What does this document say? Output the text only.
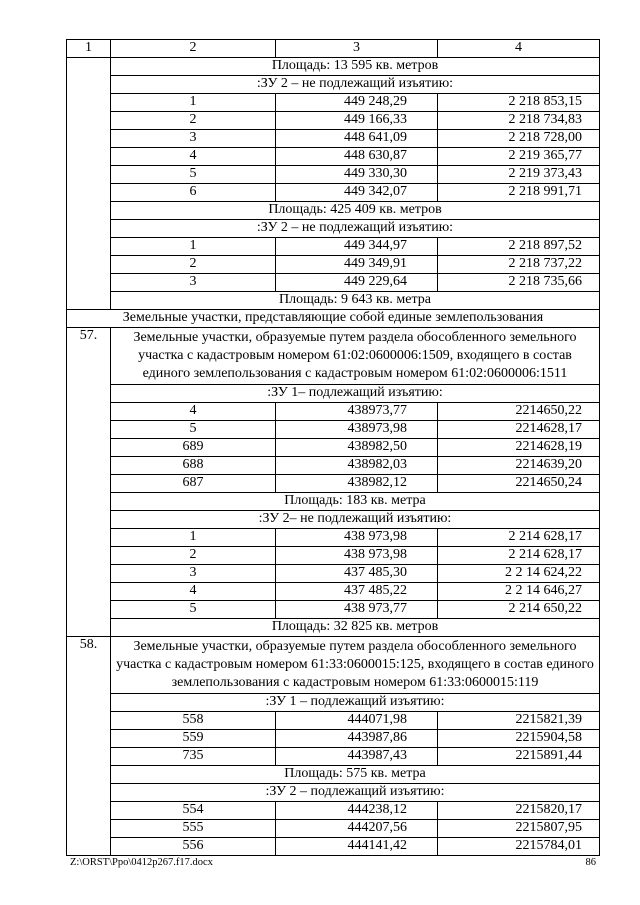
1	2	3	4
	Площадь: 13 595 кв. метров		
	:ЗУ 2 – не подлежащий изъятию:		
	1	449 248,29	2 218 853,15

	2	449 166,33	2 218 734,83

	3	448 641,09	2 218 728,00

	4	448 630,87	2 219 365,77

	5	449 330,30	2 219 373,43

	6	449 342,07	2 218 991,71

	Площадь: 425 409 кв. метров		
	:ЗУ 2 – не подлежащий изъятию:		
	1	449 344,97	2 218 897,52

	2	449 349,91	2 218 737,22

	3	449 229,64	2 218 735,66

	Площадь: 9 643 кв. метра		
Земельные участки, представляющие собой единые землепользования			
57.	Земельные участки, образуемые путем раздела обособленного земельного участка с кадастровым номером 61:02:0600006:1509, входящего в состав единого землепользования с кадастровым номером 61:02:0600006:1511		
	:ЗУ 1– подлежащий изъятию:		
	4	438973,77	2214650,22

	5	438973,98	2214628,17

	689	438982,50	2214628,19

	688	438982,03	2214639,20

	687	438982,12	2214650,24

	Площадь: 183 кв. метра		
	:ЗУ 2– не подлежащий изъятию:		
	1	438 973,98	2 214 628,17

	2	438 973,98	2 214 628,17

	3	437 485,30	2 2 14 624,22

	4	437 485,22	2 2 14 646,27

	5	438 973,77	2 214 650,22

	Площадь: 32 825 кв. метров		
58.	Земельные участки, образуемые путем раздела обособленного земельного участка с кадастровым номером 61:33:0600015:125, входящего в состав единого землепользования с кадастровым номером 61:33:0600015:119		
	:ЗУ 1 – подлежащий изъятию:		
	558	444071,98	2215821,39

	559	443987,86	2215904,58

	735	443987,43	2215891,44

	Площадь: 575 кв. метра		
	:ЗУ 2 – подлежащий изъятию:		
	554	444238,12	2215820,17

	555	444207,56	2215807,95

	556	444141,42	2215784,01
Z:\ORST\Ppo\0412p267.f17.docx	86
